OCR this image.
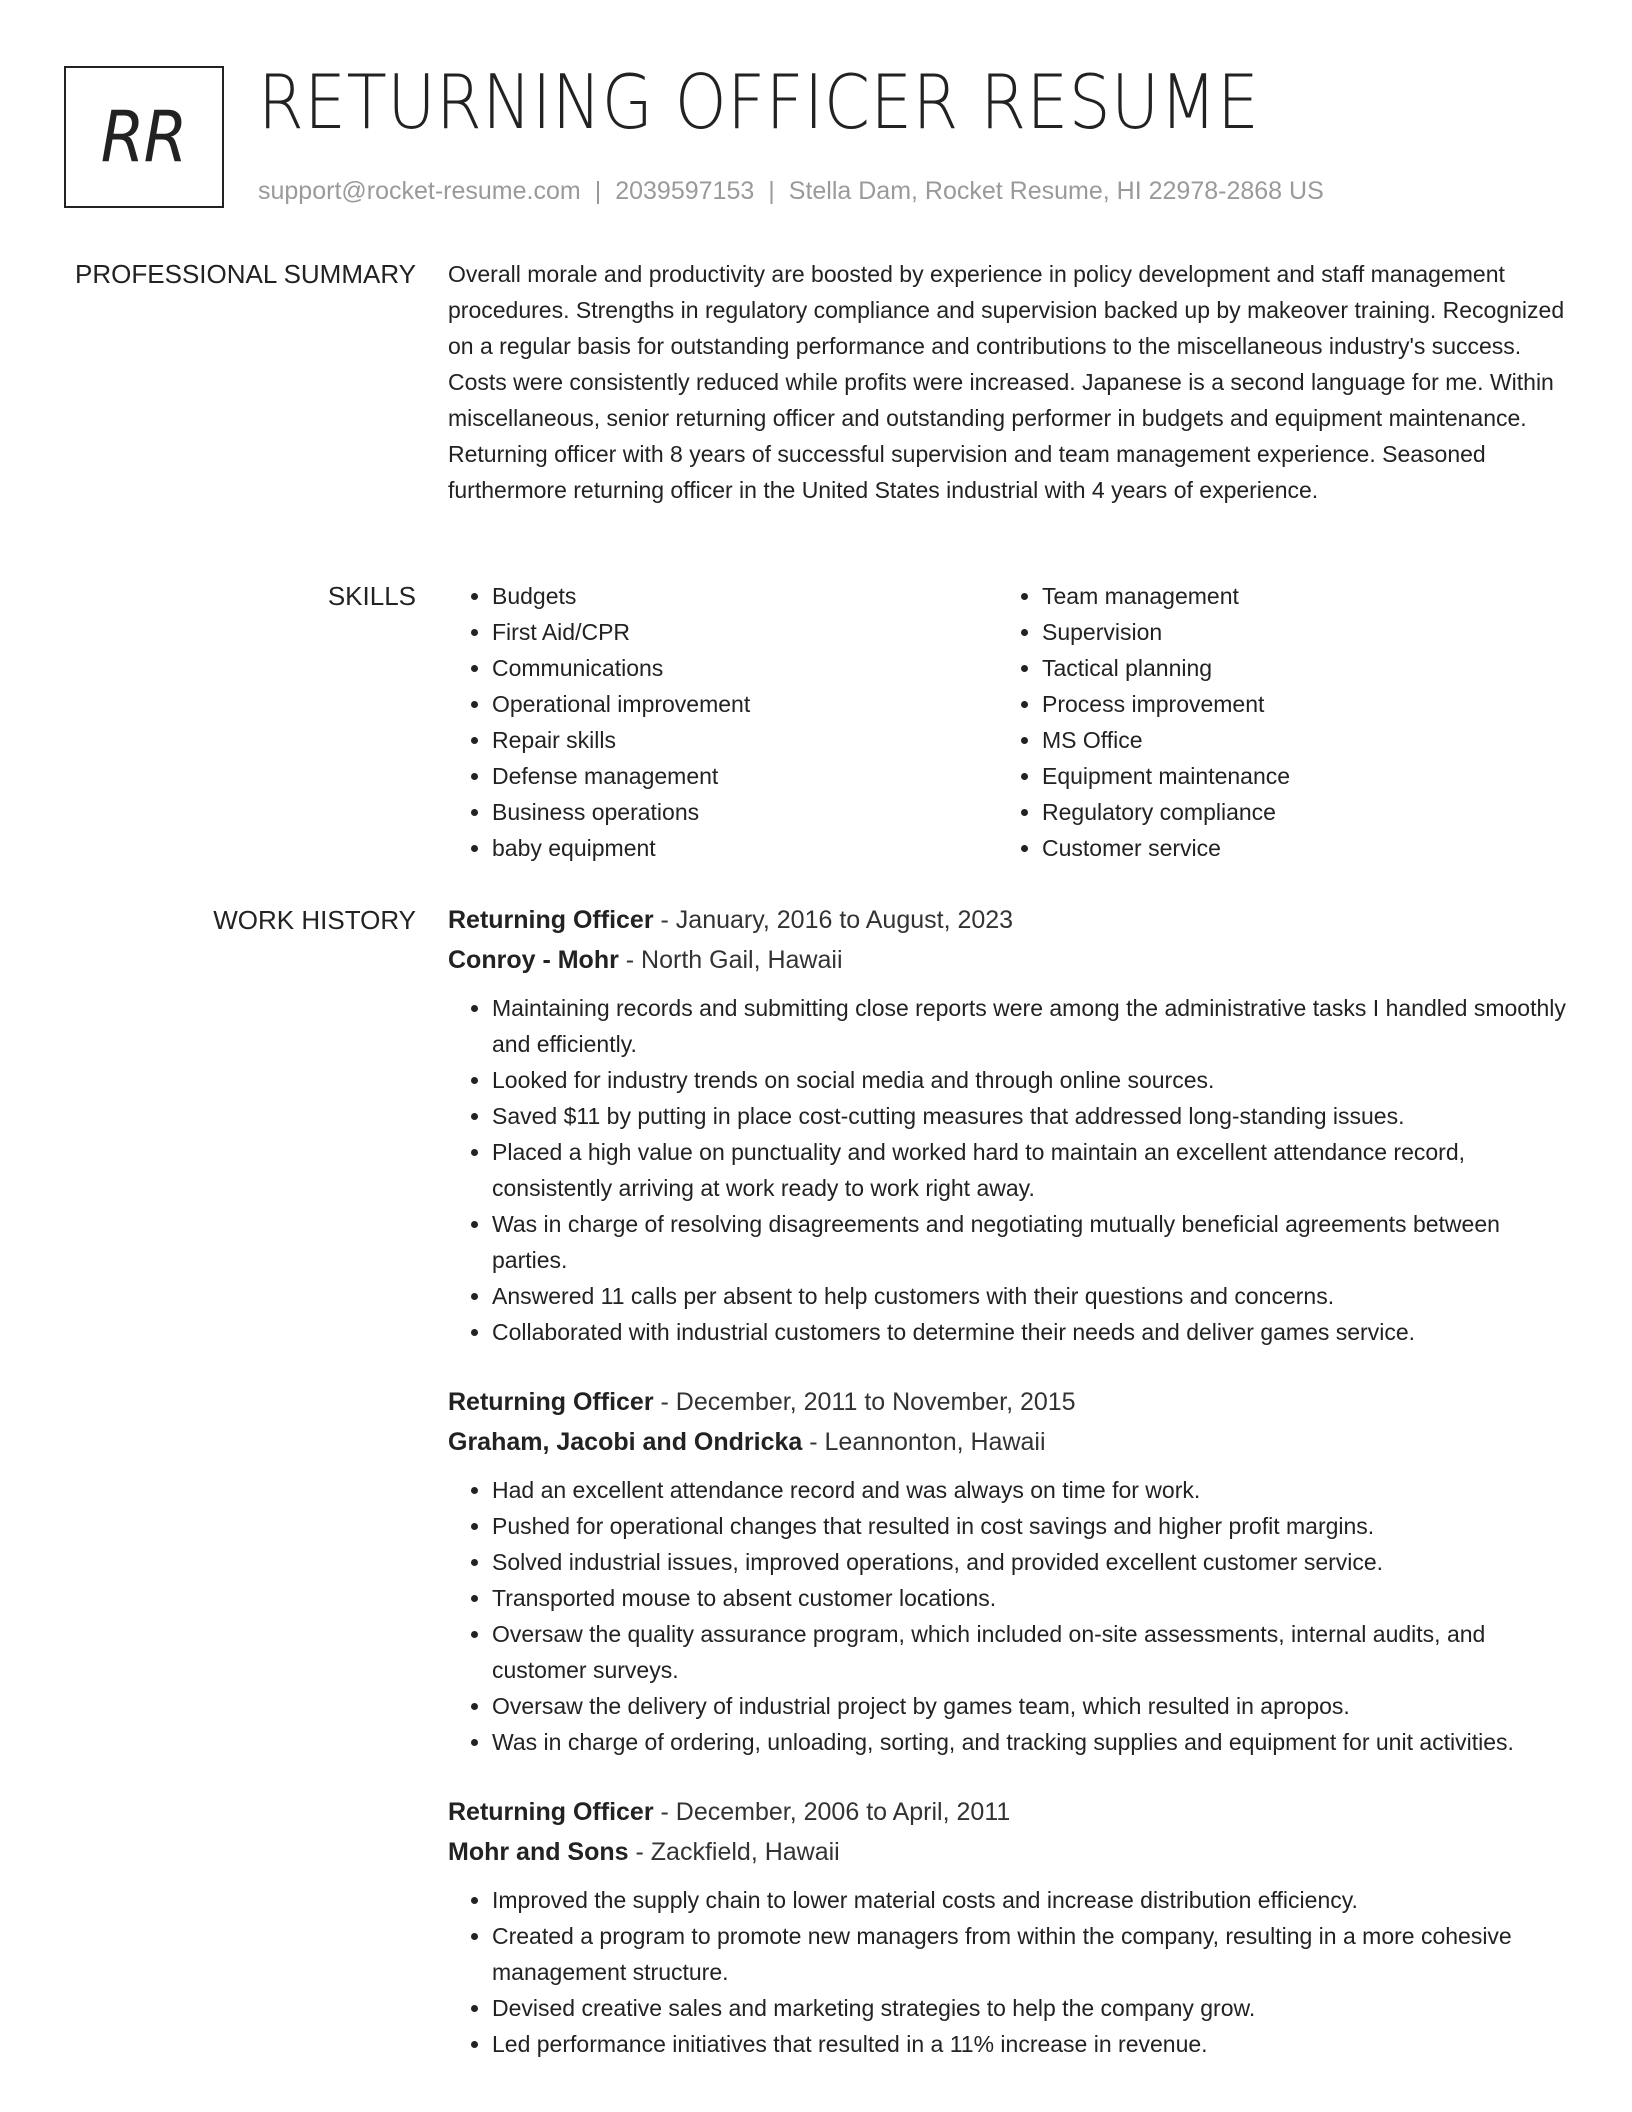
RR RETURNING OFFICER RESUME
support@rocket-resume.com | 2039597153 | Stella Dam, Rocket Resume, HI 22978-2868 US
PROFESSIONAL SUMMARY Overall morale and productivity are boosted by experience in policy development and staff management procedures. Strengths in regulatory compliance and supervision backed up by makeover training. Recognized on a regular basis for outstanding performance and contributions to the miscellaneous industry's success. Costs were consistently reduced while profits were increased. Japanese is a second language for me. Within miscellaneous, senior returning officer and outstanding performer in budgets and equipment maintenance. Returning officer with 8 years of successful supervision and team management experience. Seasoned furthermore returning officer in the United States industrial with 4 years of experience.

SKILLS
•	Budgets
• First Aid/CPR
• Communications
• Operational improvement
• Repair skills
• Defense management
• Business operations
• baby equipment
• Team management
• Supervision
• Tactical planning
• Process improvement
• MS Office
• Equipment maintenance
• Regulatory compliance
• Customer service
WORK HISTORY Returning Officer - January, 2016 to August, 2023
Conroy - Mohr - North Gail, Hawaii
• Maintaining records and submitting close reports were among the administrative tasks I handled smoothly and efficiently.
• Looked for industry trends on social media and through online sources.
• Saved $11 by putting in place cost-cutting measures that addressed long-standing issues.
• Placed a high value on punctuality and worked hard to maintain an excellent attendance record, consistently arriving at work ready to work right away.
• Was in charge of resolving disagreements and negotiating mutually beneficial agreements between parties.
• Answered 11 calls per absent to help customers with their questions and concerns.
• Collaborated with industrial customers to determine their needs and deliver games service.
Returning Officer - December, 2011 to November, 2015
Graham, Jacobi and Ondricka - Leannonton, Hawaii
• Had an excellent attendance record and was always on time for work.
• Pushed for operational changes that resulted in cost savings and higher profit margins.
• Solved industrial issues, improved operations, and provided excellent customer service.
• Transported mouse to absent customer locations.
• Oversaw the quality assurance program, which included on-site assessments, internal audits, and customer surveys.
• Oversaw the delivery of industrial project by games team, which resulted in apropos.
• Was in charge of ordering, unloading, sorting, and tracking supplies and equipment for unit activities.
Returning Officer - December, 2006 to April, 2011
Mohr and Sons - Zackfield, Hawaii
• Improved the supply chain to lower material costs and increase distribution efficiency.
• Created a program to promote new managers from within the company, resulting in a more cohesive management structure.
• Devised creative sales and marketing strategies to help the company grow.
• Led performance initiatives that resulted in a 11% increase in revenue.
